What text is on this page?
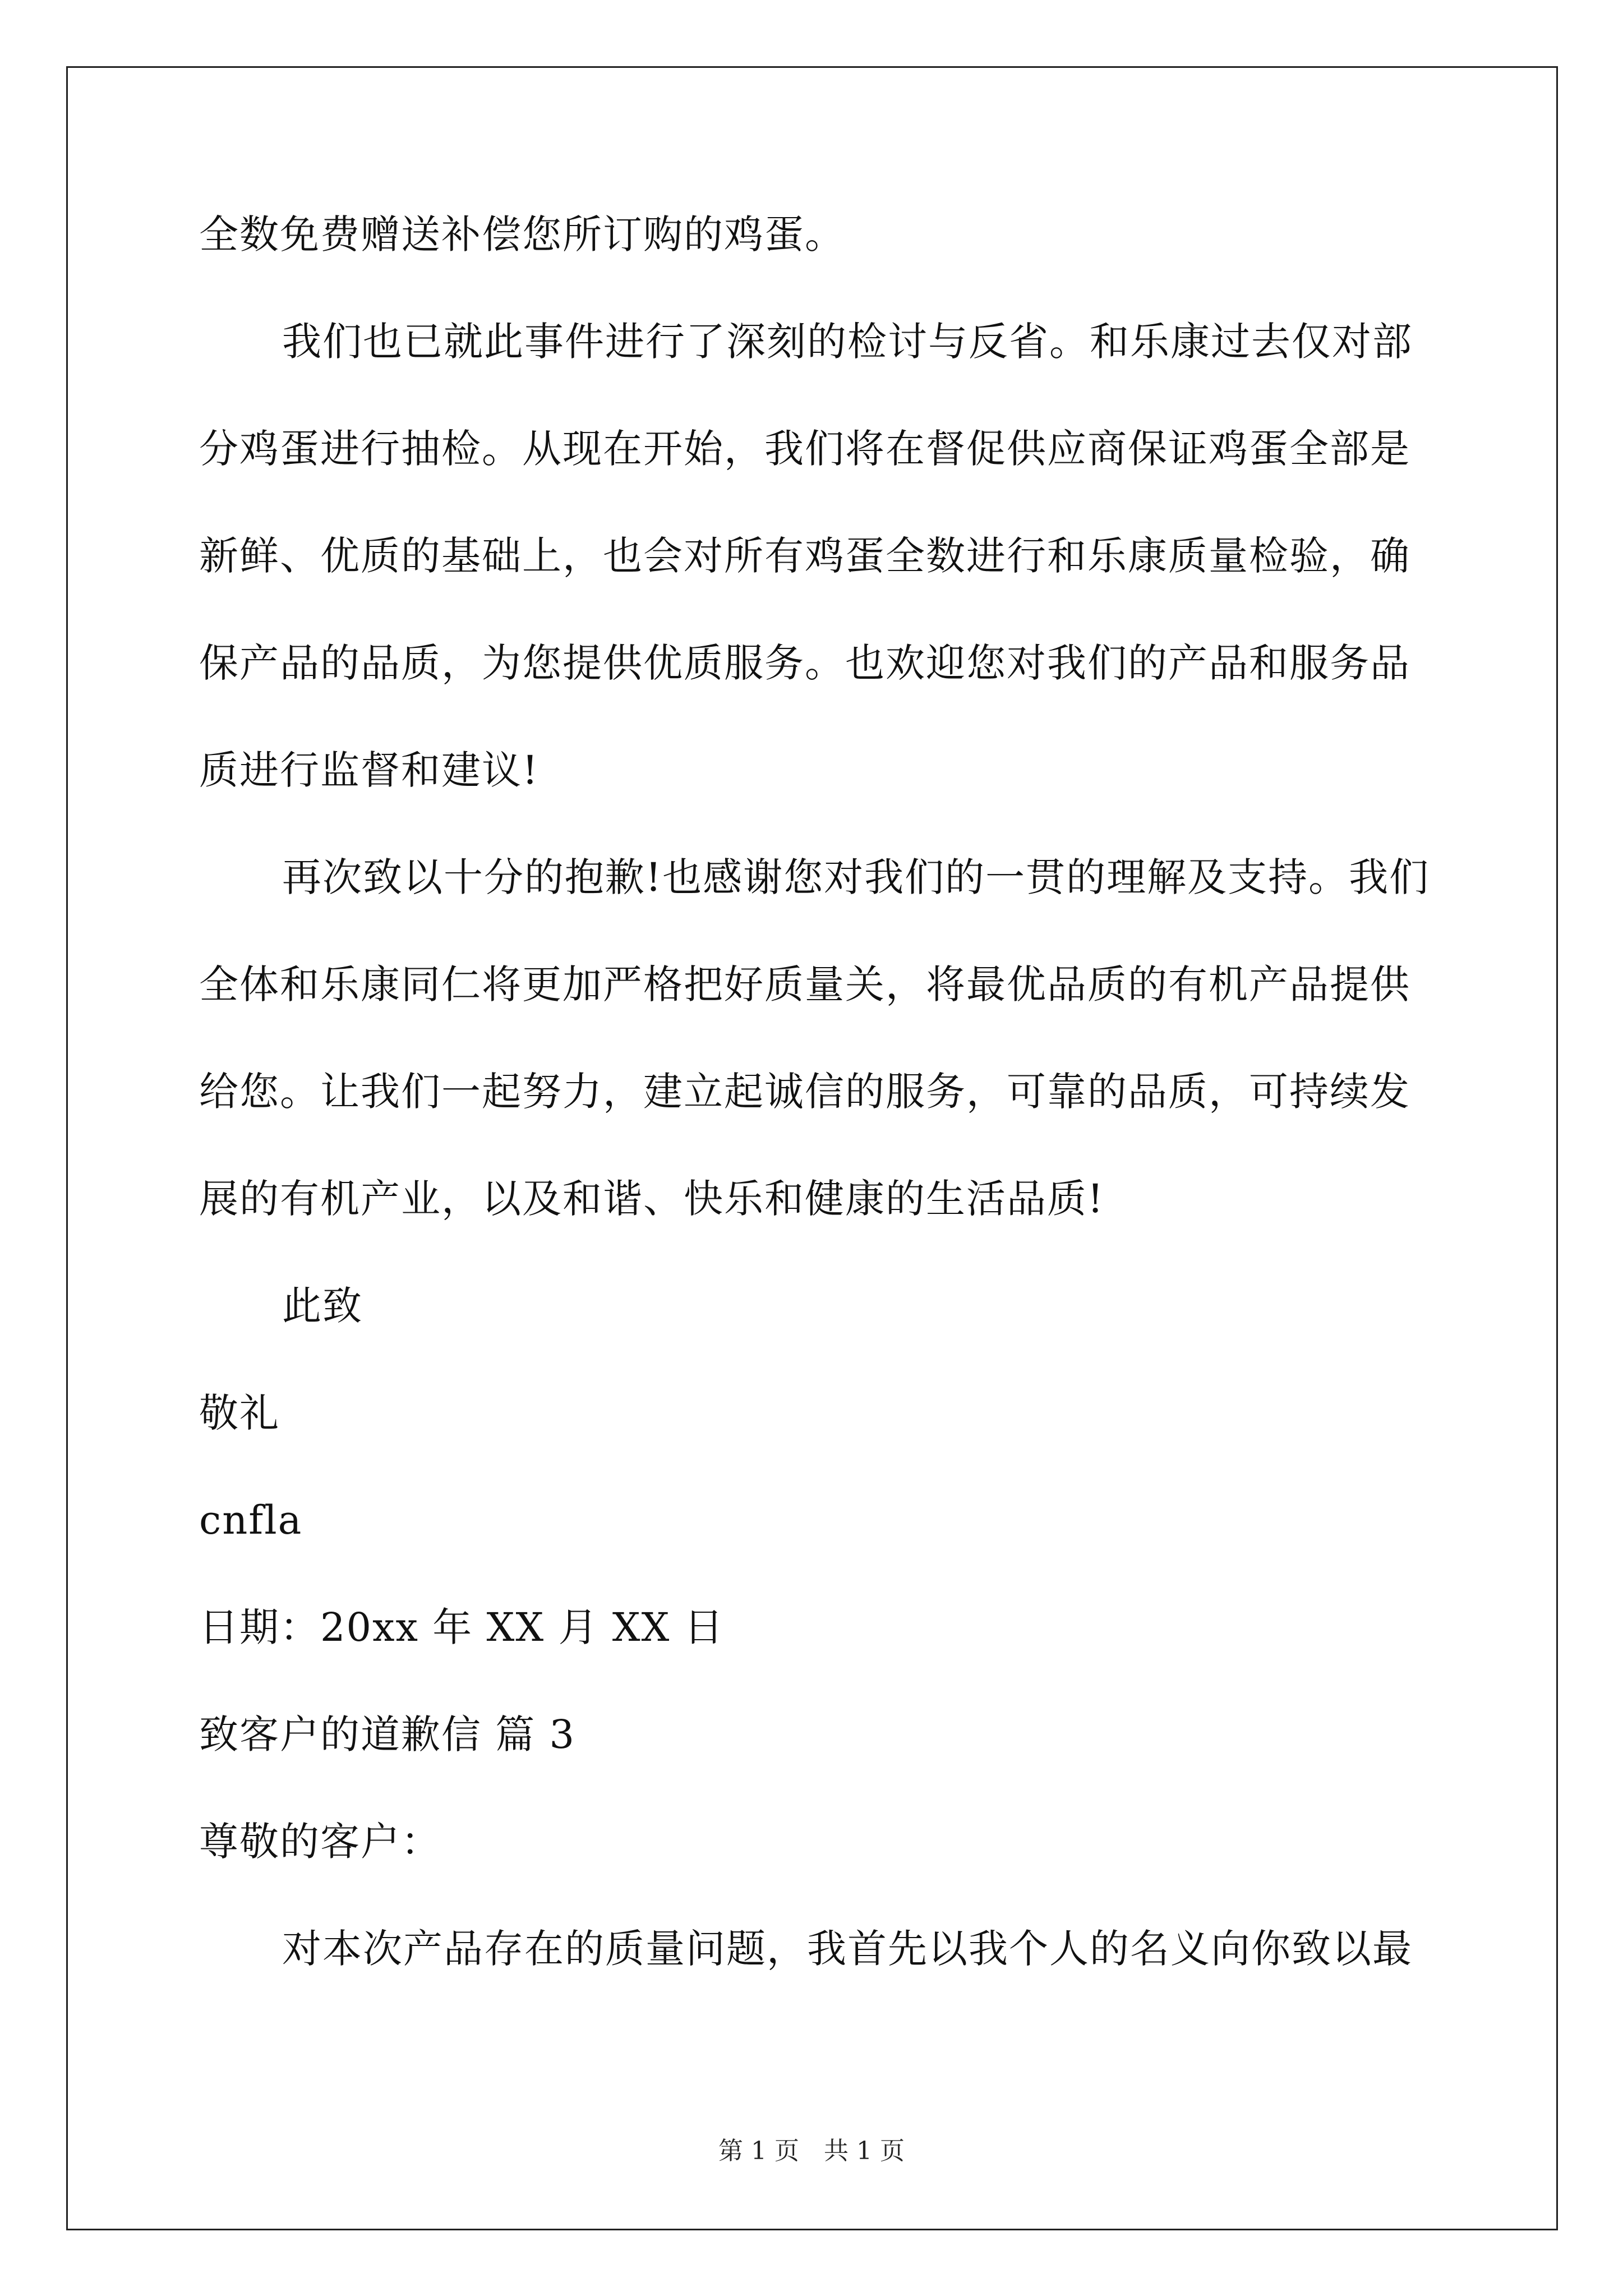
全数免费赠送补偿您所订购的鸡蛋。
我们也已就此事件进行了深刻的检讨与反省。和乐康过去仅对部
分鸡蛋进行抽检。从现在开始，我们将在督促供应商保证鸡蛋全部是
新鲜、优质的基础上，也会对所有鸡蛋全数进行和乐康质量检验，确
保产品的品质，为您提供优质服务。也欢迎您对我们的产品和服务品
质进行监督和建议!
再次致以十分的抱歉!也感谢您对我们的一贯的理解及支持。我们
全体和乐康同仁将更加严格把好质量关，将最优品质的有机产品提供
给您。让我们一起努力，建立起诚信的服务，可靠的品质，可持续发
展的有机产业，以及和谐、快乐和健康的生活品质!
此致
敬礼
cnfla
日期：20xx 年 XX 月 XX 日
致客户的道歉信 篇 3
尊敬的客户：
对本次产品存在的质量问题，我首先以我个人的名义向你致以最
第 1 页　共 1 页
